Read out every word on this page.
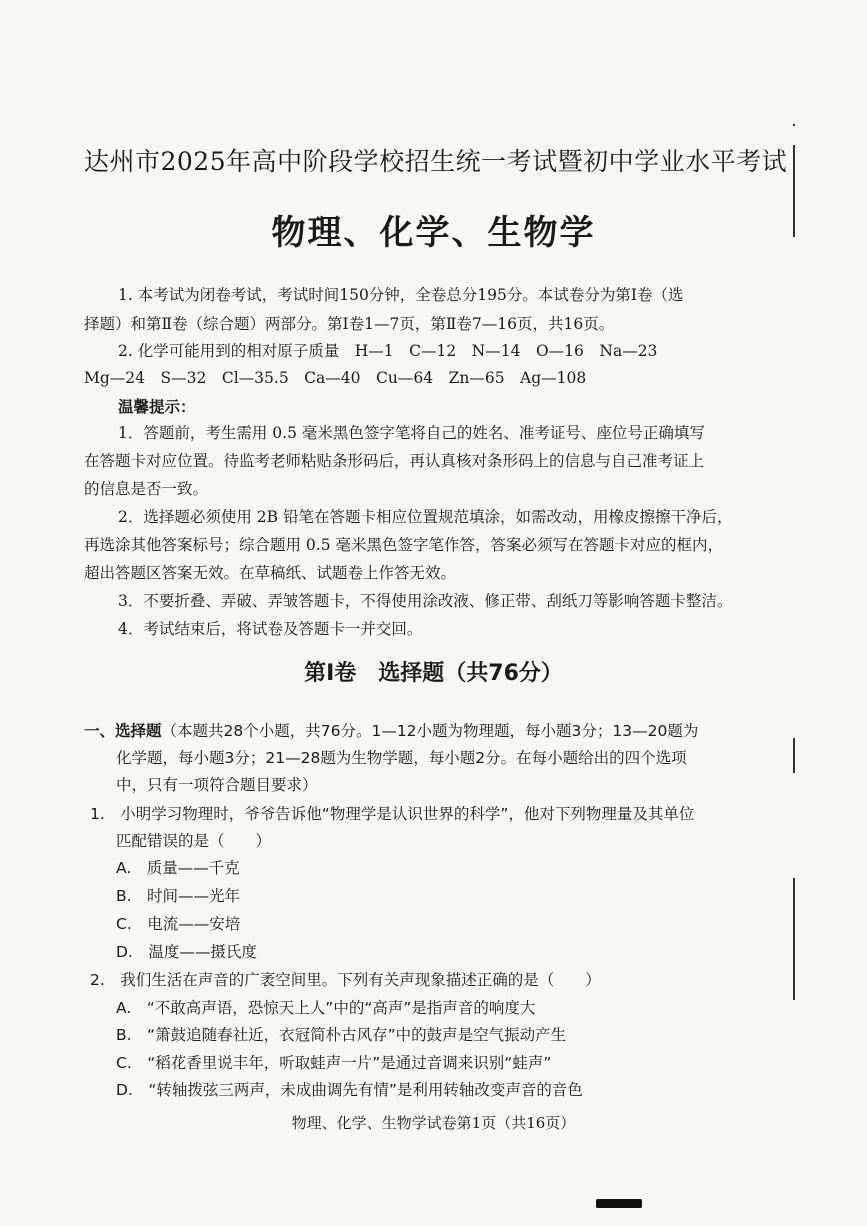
达州市2025年高中阶段学校招生统一考试暨初中学业水平考试
物理、化学、生物学
1. 本考试为闭卷考试，考试时间150分钟，全卷总分195分。本试卷分为第Ⅰ卷（选
择题）和第Ⅱ卷（综合题）两部分。第Ⅰ卷1—7页，第Ⅱ卷7—16页，共16页。
2. 化学可能用到的相对原子质量　H—1　C—12　N—14　O—16　Na—23
Mg—24　S—32　Cl—35.5　Ca—40　Cu—64　Zn—65　Ag—108
温馨提示：
1．答题前，考生需用 0.5 毫米黑色签字笔将自己的姓名、准考证号、座位号正确填写
在答题卡对应位置。待监考老师粘贴条形码后，再认真核对条形码上的信息与自己准考证上
的信息是否一致。
2．选择题必须使用 2B 铅笔在答题卡相应位置规范填涂，如需改动，用橡皮擦擦干净后，
再选涂其他答案标号；综合题用 0.5 毫米黑色签字笔作答，答案必须写在答题卡对应的框内，
超出答题区答案无效。在草稿纸、试题卷上作答无效。
3．不要折叠、弄破、弄皱答题卡，不得使用涂改液、修正带、刮纸刀等影响答题卡整洁。
4．考试结束后，将试卷及答题卡一并交回。
第Ⅰ卷　选择题（共76分）
一、选择题（本题共28个小题，共76分。1—12小题为物理题，每小题3分；13—20题为
化学题，每小题3分；21—28题为生物学题，每小题2分。在每小题给出的四个选项
中，只有一项符合题目要求）
1.　小明学习物理时，爷爷告诉他“物理学是认识世界的科学”，他对下列物理量及其单位
匹配错误的是（　　）
A.　质量——千克
B.　时间——光年
C.　电流——安培
D.　温度——摄氏度
2.　我们生活在声音的广袤空间里。下列有关声现象描述正确的是（　　）
A.　“不敢高声语，恐惊天上人”中的“高声”是指声音的响度大
B.　“箫鼓追随春社近，衣冠简朴古风存”中的鼓声是空气振动产生
C.　“稻花香里说丰年，听取蛙声一片”是通过音调来识别“蛙声”
D.　“转轴拨弦三两声，未成曲调先有情”是利用转轴改变声音的音色
物理、化学、生物学试卷第1页（共16页）
